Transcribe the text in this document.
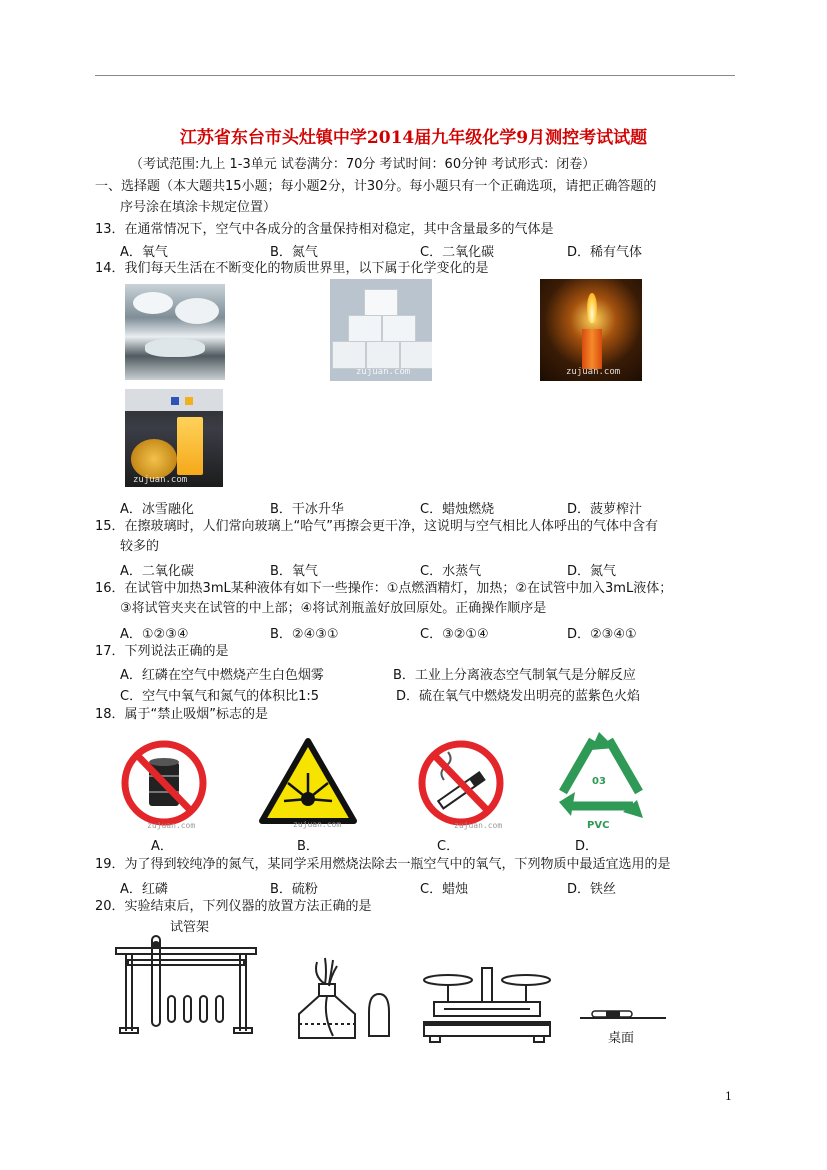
江苏省东台市头灶镇中学2014届九年级化学9月测控考试试题
（考试范围:九上 1-3单元 试卷满分：70分 考试时间：60分钟 考试形式：闭卷）
一、选择题（本大题共15小题；每小题2分，计30分。每小题只有一个正确选项，请把正确答题的
序号涂在填涂卡规定位置）
13．在通常情况下，空气中各成分的含量保持相对稳定，其中含量最多的气体是
A．氧气	B．氮气	C．二氧化碳	D．稀有气体
14．我们每天生活在不断变化的物质世界里，以下属于化学变化的是
zujuan.com	zujuan.com
zujuan.com
A．冰雪融化	B．干冰升华	C．蜡烛燃烧	D．菠萝榨汁
15．在擦玻璃时，人们常向玻璃上“哈气”再擦会更干净，这说明与空气相比人体呼出的气体中含有
较多的
A．二氧化碳	B．氧气	C．水蒸气	D．氮气
16．在试管中加热3mL某种液体有如下一些操作：①点燃酒精灯，加热；②在试管中加入3mL液体；
③将试管夹夹在试管的中上部；④将试剂瓶盖好放回原处。正确操作顺序是
A．①②③④	B．②④③①	C．③②①④	D．②③④①
17．下列说法正确的是
A．红磷在空气中燃烧产生白色烟雾	B．工业上分离液态空气制氧气是分解反应
C．空气中氧气和氮气的体积比1:5	D．硫在氧气中燃烧发出明亮的蓝紫色火焰
18．属于“禁止吸烟”标志的是
zujuan.com	zujuan.com	zujuan.com
03
PVC
A．	B．	C．	D．
19．为了得到较纯净的氮气，某同学采用燃烧法除去一瓶空气中的氧气，下列物质中最适宜选用的是
A．红磷	B．硫粉	C．蜡烛	D．铁丝
20．实验结束后，下列仪器的放置方法正确的是
试管架
桌面
1
